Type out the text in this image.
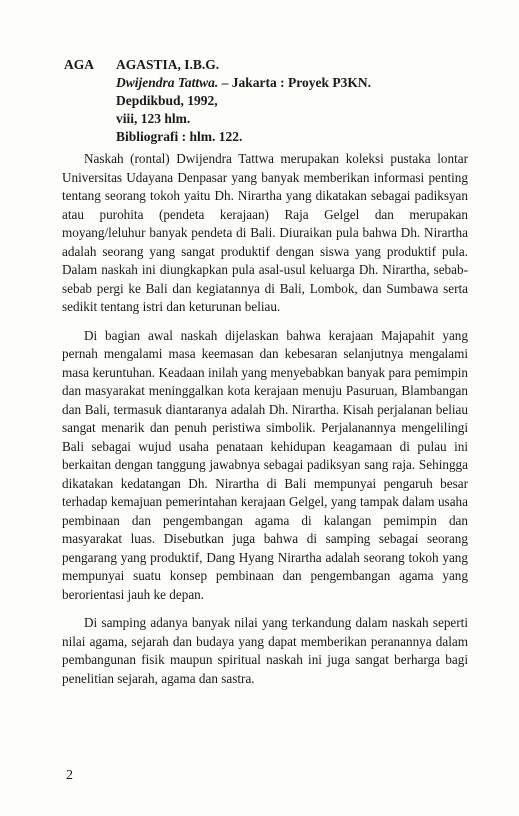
AGA	AGASTIA, I.B.G.
Dwijendra Tattwa. – Jakarta : Proyek P3KN.
Depdikbud, 1992,
viii, 123 hlm.
Bibliografi : hlm. 122.

Naskah (rontal) Dwijendra Tattwa merupakan koleksi pustaka lontar Universitas Udayana Denpasar yang banyak memberikan informasi penting tentang seorang tokoh yaitu Dh. Nirartha yang dikatakan sebagai padiksyan atau purohita (pendeta kerajaan) Raja Gelgel dan merupakan moyang/leluhur banyak pendeta di Bali. Diuraikan pula bahwa Dh. Nirartha adalah seorang yang sangat produktif dengan siswa yang produktif pula. Dalam naskah ini diungkapkan pula asal-usul keluarga Dh. Nirartha, sebab-sebab pergi ke Bali dan kegiatannya di Bali, Lombok, dan Sumbawa serta sedikit tentang istri dan keturunan beliau.

Di bagian awal naskah dijelaskan bahwa kerajaan Majapahit yang pernah mengalami masa keemasan dan kebesaran selanjutnya mengalami masa keruntuhan. Keadaan inilah yang menyebabkan banyak para pemimpin dan masyarakat meninggalkan kota kerajaan menuju Pasuruan, Blambangan dan Bali, termasuk diantaranya adalah Dh. Nirartha. Kisah perjalanan beliau sangat menarik dan penuh peristiwa simbolik. Perjalanannya mengelilingi Bali sebagai wujud usaha penataan kehidupan keagamaan di pulau ini berkaitan dengan tanggung jawabnya sebagai padiksyan sang raja. Sehingga dikatakan kedatangan Dh. Nirartha di Bali mempunyai pengaruh besar terhadap kemajuan pemerintahan kerajaan Gelgel, yang tampak dalam usaha pembinaan dan pengembangan agama di kalangan pemimpin dan masyarakat luas. Disebutkan juga bahwa di samping sebagai seorang pengarang yang produktif, Dang Hyang Nirartha adalah seorang tokoh yang mempunyai suatu konsep pembinaan dan pengembangan agama yang berorientasi jauh ke depan.

Di samping adanya banyak nilai yang terkandung dalam naskah seperti nilai agama, sejarah dan budaya yang dapat memberikan peranannya dalam pembangunan fisik maupun spiritual naskah ini juga sangat berharga bagi penelitian sejarah, agama dan sastra.

2
